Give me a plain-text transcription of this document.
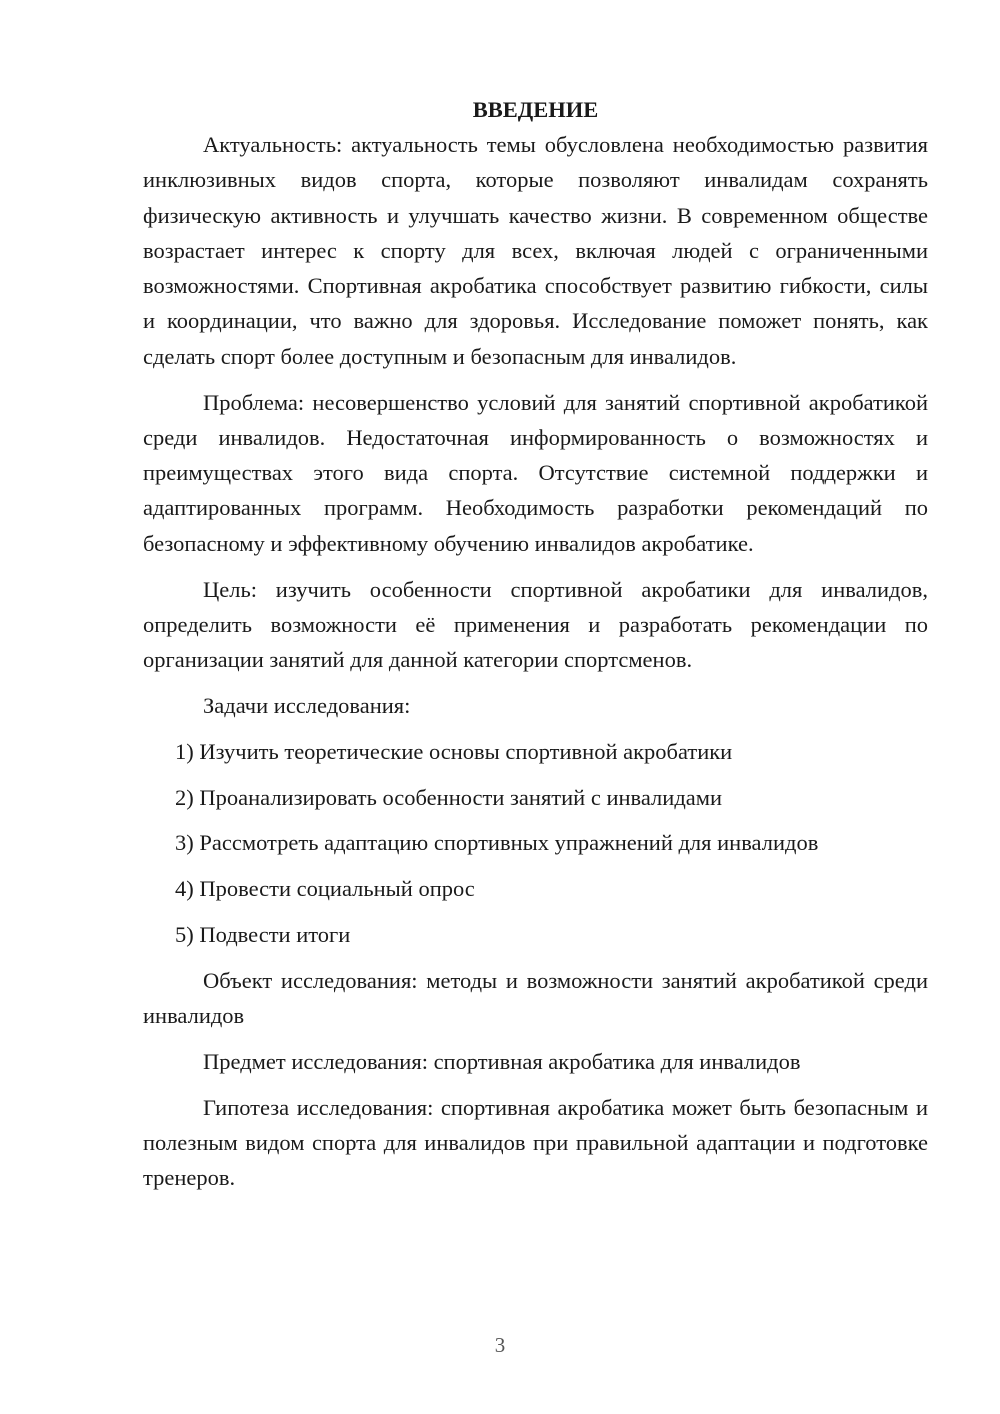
ВВЕДЕНИЕ

Актуальность: актуальность темы обусловлена необходимостью развития инклюзивных видов спорта, которые позволяют инвалидам сохранять физическую активность и улучшать качество жизни. В современном обществе возрастает интерес к спорту для всех, включая людей с ограниченными возможностями. Спортивная акробатика способствует развитию гибкости, силы и координации, что важно для здоровья. Исследование поможет понять, как сделать спорт более доступным и безопасным для инвалидов.

Проблема: несовершенство условий для занятий спортивной акробатикой среди инвалидов. Недостаточная информированность о возможностях и преимуществах этого вида спорта. Отсутствие системной поддержки и адаптированных программ. Необходимость разработки рекомендаций по безопасному и эффективному обучению инвалидов акробатике.

Цель: изучить особенности спортивной акробатики для инвалидов, определить возможности её применения и разработать рекомендации по организации занятий для данной категории спортсменов.

Задачи исследования:

1) Изучить теоретические основы спортивной акробатики
2) Проанализировать особенности занятий с инвалидами
3) Рассмотреть адаптацию спортивных упражнений для инвалидов
4) Провести социальный опрос
5) Подвести итоги

Объект исследования: методы и возможности занятий акробатикой среди инвалидов

Предмет исследования: спортивная акробатика для инвалидов

Гипотеза исследования: спортивная акробатика может быть безопасным и полезным видом спорта для инвалидов при правильной адаптации и подготовке тренеров.

3
